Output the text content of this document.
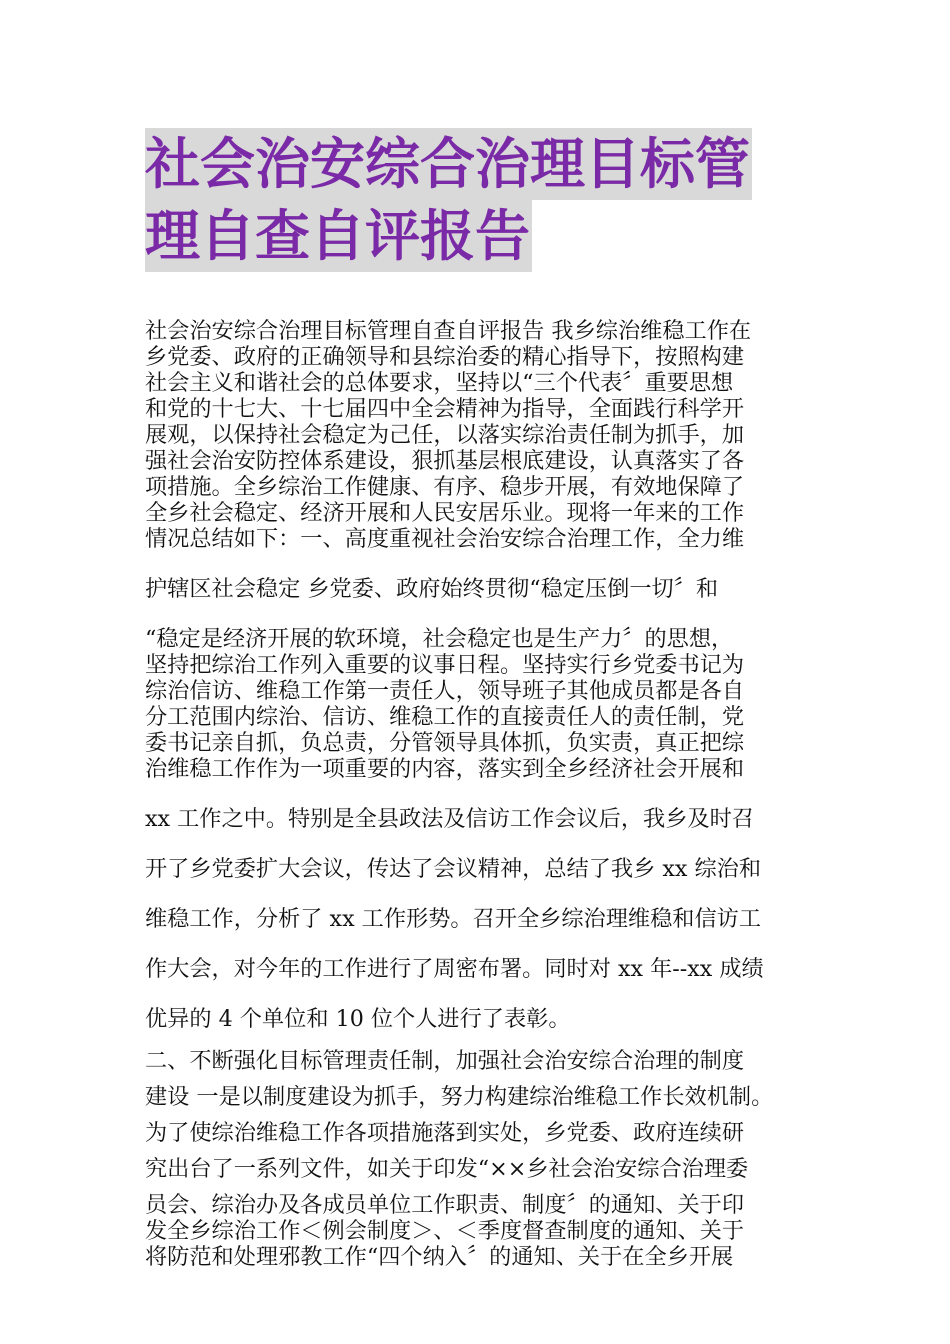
社会治安综合治理目标管
理自查自评报告
社会治安综合治理目标管理自查自评报告 我乡综治维稳工作在
乡党委、政府的正确领导和县综治委的精心指导下，按照构建
社会主义和谐社会的总体要求，坚持以“三个代表〞重要思想
和党的十七大、十七届四中全会精神为指导，全面践行科学开
展观，以保持社会稳定为己任，以落实综治责任制为抓手，加
强社会治安防控体系建设，狠抓基层根底建设，认真落实了各
项措施。全乡综治工作健康、有序、稳步开展，有效地保障了
全乡社会稳定、经济开展和人民安居乐业。现将一年来的工作
情况总结如下：一、高度重视社会治安综合治理工作，全力维
护辖区社会稳定 乡党委、政府始终贯彻“稳定压倒一切〞和
“稳定是经济开展的软环境，社会稳定也是生产力〞的思想，
坚持把综治工作列入重要的议事日程。坚持实行乡党委书记为
综治信访、维稳工作第一责任人，领导班子其他成员都是各自
分工范围内综治、信访、维稳工作的直接责任人的责任制，党
委书记亲自抓，负总责，分管领导具体抓，负实责，真正把综
治维稳工作作为一项重要的内容，落实到全乡经济社会开展和
xx 工作之中。特别是全县政法及信访工作会议后，我乡及时召
开了乡党委扩大会议，传达了会议精神，总结了我乡 xx 综治和
维稳工作，分析了 xx 工作形势。召开全乡综治理维稳和信访工
作大会，对今年的工作进行了周密布署。同时对 xx 年--xx 成绩
优异的 4 个单位和 10 位个人进行了表彰。
二、不断强化目标管理责任制，加强社会治安综合治理的制度
建设 一是以制度建设为抓手，努力构建综治维稳工作长效机制。
为了使综治维稳工作各项措施落到实处，乡党委、政府连续研
究出台了一系列文件，如关于印发“××乡社会治安综合治理委
员会、综治办及各成员单位工作职责、制度〞的通知、关于印
发全乡综治工作＜例会制度＞、＜季度督查制度的通知、关于
将防范和处理邪教工作“四个纳入〞的通知、关于在全乡开展
